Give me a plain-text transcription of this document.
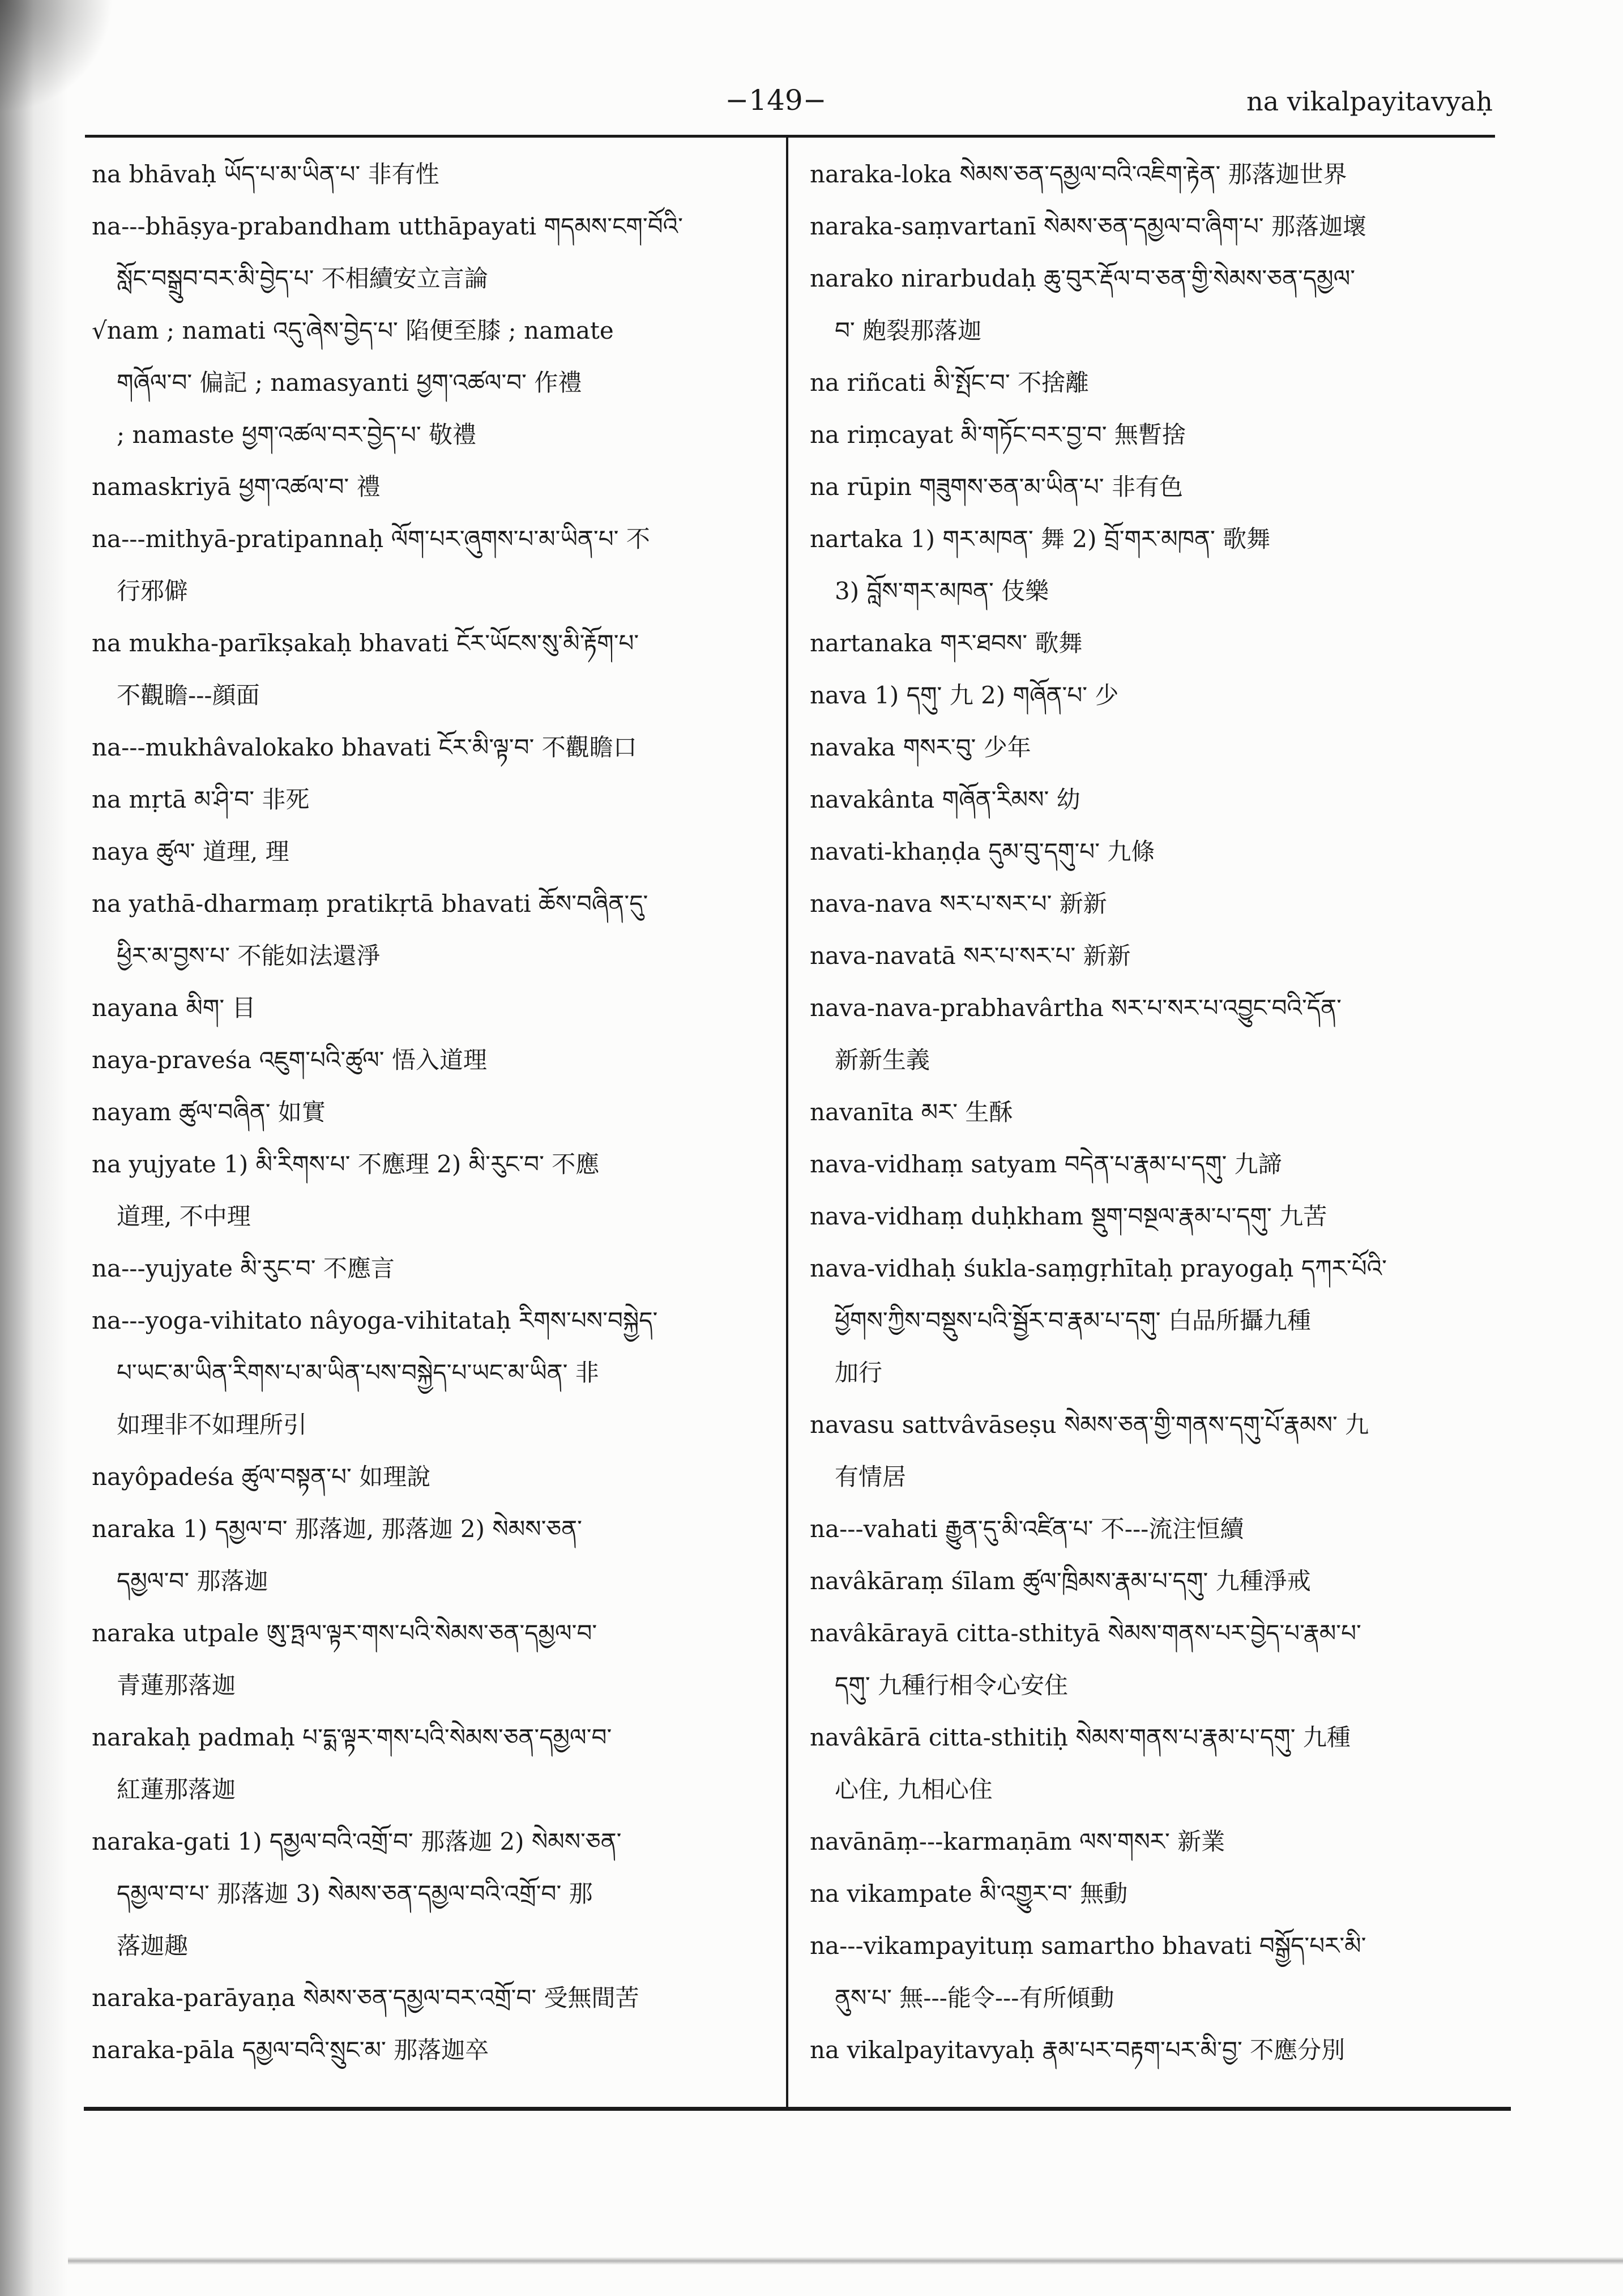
−149−	na vikalpayitavyaḥ
na bhāvaḥ ཡོད་པ་མ་ཡིན་པ་ 非有性
na---bhāṣya-prabandham utthāpayati གདམས་ངག་བོའི་
སློང་བསྒྲུབ་བར་མི་བྱེད་པ་ 不相續安立言論
√nam ; namati འདུ་ཞེས་བྱེད་པ་ 陷便至膝 ; namate
གཞོལ་བ་ 偏記 ; namasyanti ཕྱག་འཚལ་བ་ 作禮
; namaste ཕྱག་འཚལ་བར་བྱེད་པ་ 敬禮
namaskriyā ཕྱག་འཚལ་བ་ 禮
na---mithyā-pratipannaḥ ལོག་པར་ཞུགས་པ་མ་ཡིན་པ་ 不
行邪僻
na mukha-parīkṣakaḥ bhavati ངོར་ཡོངས་སུ་མི་རྟོག་པ་
不觀瞻---顔面
na---mukhâvalokako bhavati ངོར་མི་ལྟ་བ་ 不觀瞻口
na mṛtā མ་ཤི་བ་ 非死
naya ཚུལ་ 道理, 理
na yathā-dharmaṃ pratikṛtā bhavati ཆོས་བཞིན་དུ་
ཕྱིར་མ་བྱས་པ་ 不能如法還淨
nayana མིག་ 目
naya-praveśa འཇུག་པའི་ཚུལ་ 悟入道理
nayam ཚུལ་བཞིན་ 如實
na yujyate 1) མི་རིགས་པ་ 不應理 2) མི་རུང་བ་ 不應
道理, 不中理
na---yujyate མི་རུང་བ་ 不應言
na---yoga-vihitato nâyoga-vihitataḥ རིགས་པས་བསྐྱེད་
པ་ཡང་མ་ཡིན་རིགས་པ་མ་ཡིན་པས་བསྐྱེད་པ་ཡང་མ་ཡིན་ 非
如理非不如理所引
nayôpadeśa ཚུལ་བསྟན་པ་ 如理說
naraka 1) དམྱལ་བ་ 那落迦, 那落迦 2) སེམས་ཅན་
དམྱལ་བ་ 那落迦
naraka utpale ཨུ་ཏྤལ་ལྟར་གས་པའི་སེམས་ཅན་དམྱལ་བ་
青蓮那落迦
narakaḥ padmaḥ པ་དྨ་ལྟར་གས་པའི་སེམས་ཅན་དམྱལ་བ་
紅蓮那落迦
naraka-gati 1) དམྱལ་བའི་འགྲོ་བ་ 那落迦 2) སེམས་ཅན་
དམྱལ་བ་པ་ 那落迦 3) སེམས་ཅན་དམྱལ་བའི་འགྲོ་བ་ 那
落迦趣
naraka-parāyaṇa སེམས་ཅན་དམྱལ་བར་འགྲོ་བ་ 受無間苦
naraka-pāla དམྱལ་བའི་སྲུང་མ་ 那落迦卒
naraka-loka སེམས་ཅན་དམྱལ་བའི་འཇིག་རྟེན་ 那落迦世界
naraka-saṃvartanī སེམས་ཅན་དམྱལ་བ་ཞིག་པ་ 那落迦壞
narako nirarbudaḥ ཆུ་བུར་རྡོལ་བ་ཅན་གྱི་སེམས་ཅན་དམྱལ་
བ་ 皰裂那落迦
na riñcati མི་སྤོང་བ་ 不捨離
na riṃcayat མི་གཏོང་བར་བྱ་བ་ 無暫捨
na rūpin གཟུགས་ཅན་མ་ཡིན་པ་ 非有色
nartaka 1) གར་མཁན་ 舞 2) བྲོ་གར་མཁན་ 歌舞
3) བློས་གར་མཁན་ 伎樂
nartanaka གར་ཐབས་ 歌舞
nava 1) དགུ་ 九 2) གཞོན་པ་ 少
navaka གསར་བུ་ 少年
navakânta གཞོན་རིམས་ 幼
navati-khaṇḍa དུམ་བུ་དགུ་པ་ 九條
nava-nava སར་པ་སར་པ་ 新新
nava-navatā སར་པ་སར་པ་ 新新
nava-nava-prabhavârtha སར་པ་སར་པ་འབྱུང་བའི་དོན་
新新生義
navanīta མར་ 生酥
nava-vidhaṃ satyam བདེན་པ་རྣམ་པ་དགུ་ 九諦
nava-vidhaṃ duḥkham སྡུག་བསྔལ་རྣམ་པ་དགུ་ 九苦
nava-vidhaḥ śukla-saṃgṛhītaḥ prayogaḥ དཀར་པོའི་
ཕྱོགས་ཀྱིས་བསྡུས་པའི་སྦྱོར་བ་རྣམ་པ་དགུ་ 白品所攝九種
加行
navasu sattvâvāseṣu སེམས་ཅན་གྱི་གནས་དགུ་པོ་རྣམས་ 九
有情居
na---vahati རྒྱུན་དུ་མི་འཛིན་པ་ 不---流注恒續
navâkāraṃ śīlam ཚུལ་ཁྲིམས་རྣམ་པ་དགུ་ 九種淨戒
navâkārayā citta-sthityā སེམས་གནས་པར་བྱེད་པ་རྣམ་པ་
དགུ་ 九種行相令心安住
navâkārā citta-sthitiḥ སེམས་གནས་པ་རྣམ་པ་དགུ་ 九種
心住, 九相心住
navānāṃ---karmaṇām ལས་གསར་ 新業
na vikampate མི་འགྱུར་བ་ 無動
na---vikampayituṃ samartho bhavati བསྒྱོད་པར་མི་
ནུས་པ་ 無---能令---有所傾動
na vikalpayitavyaḥ རྣམ་པར་བརྟག་པར་མི་བྱ་ 不應分別
